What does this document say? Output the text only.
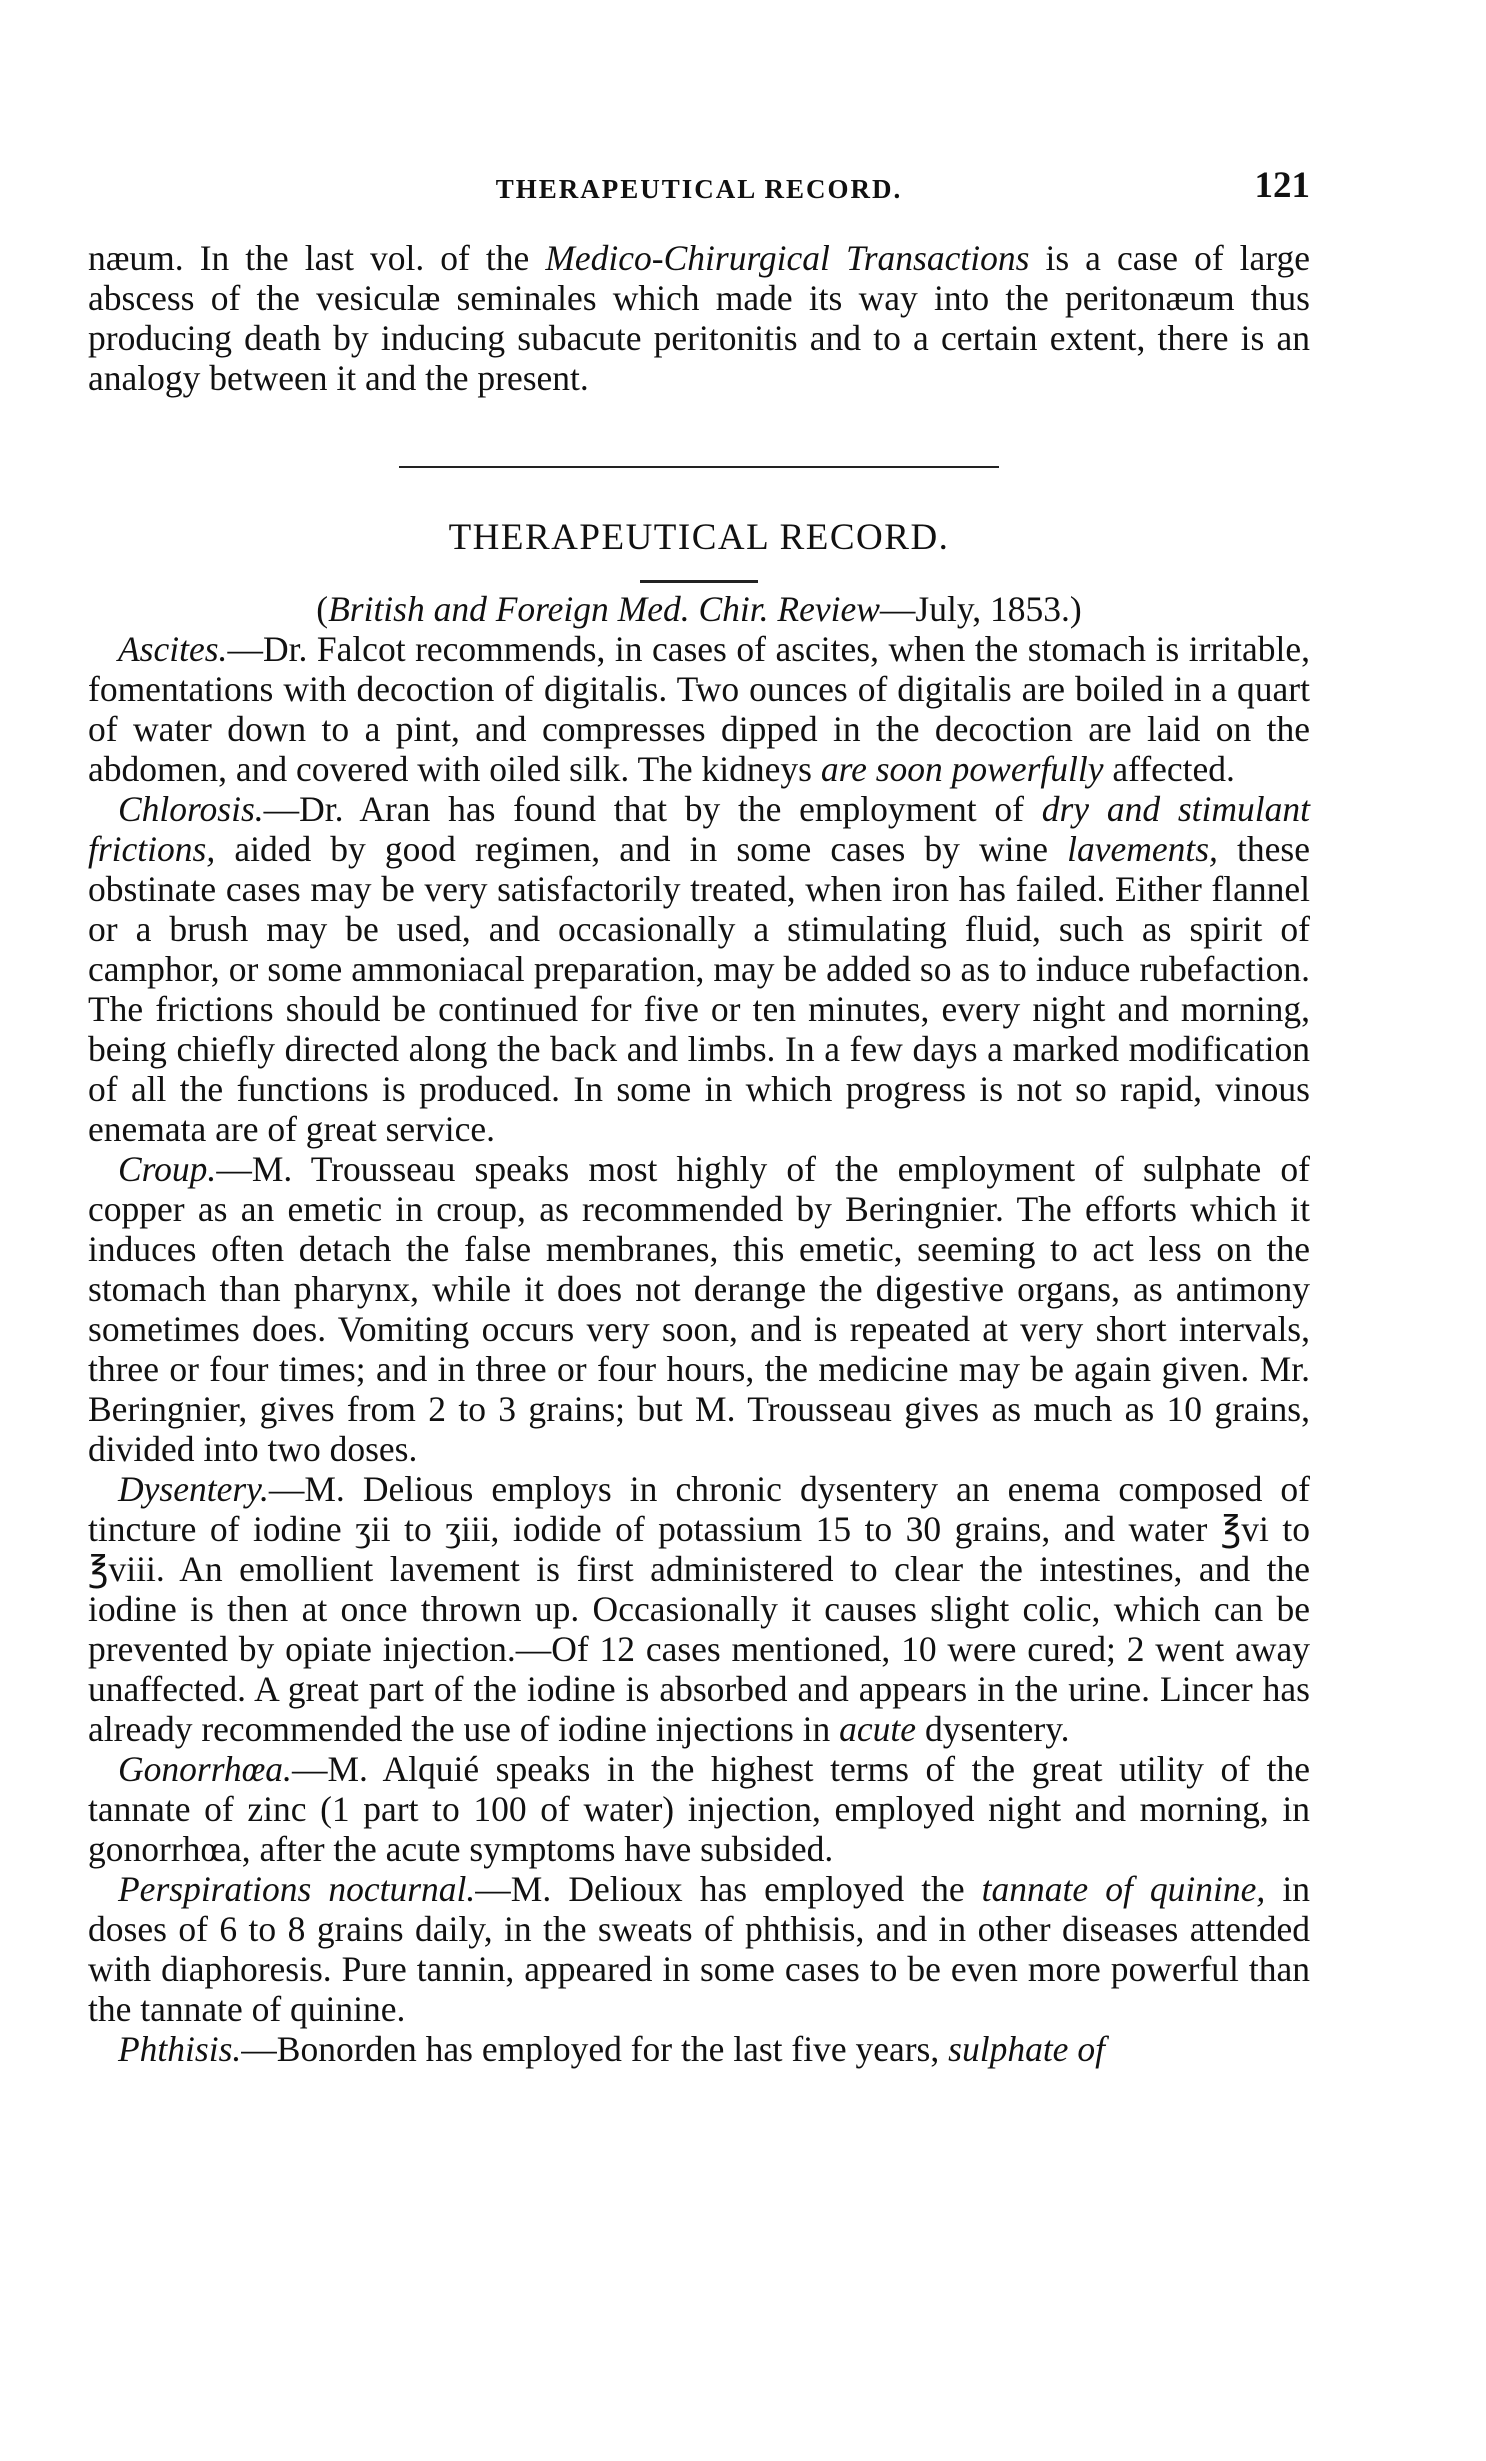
THERAPEUTICAL RECORD.	121

næum. In the last vol. of the Medico-Chirurgical Transactions is a case of large abscess of the vesiculæ seminales which made its way into the peritonæum thus producing death by inducing subacute peritonitis and to a certain extent, there is an analogy between it and the present.

THERAPEUTICAL RECORD.
(British and Foreign Med. Chir. Review—July, 1853.)

Ascites.—Dr. Falcot recommends, in cases of ascites, when the stomach is irritable, fomentations with decoction of digitalis. Two ounces of digitalis are boiled in a quart of water down to a pint, and compresses dipped in the decoction are laid on the abdomen, and covered with oiled silk. The kidneys are soon powerfully affected.

Chlorosis.—Dr. Aran has found that by the employment of dry and stimulant frictions, aided by good regimen, and in some cases by wine lavements, these obstinate cases may be very satisfactorily treated, when iron has failed. Either flannel or a brush may be used, and occasionally a stimulating fluid, such as spirit of camphor, or some ammoniacal preparation, may be added so as to induce rubefaction. The frictions should be continued for five or ten minutes, every night and morning, being chiefly directed along the back and limbs. In a few days a marked modification of all the functions is produced. In some in which progress is not so rapid, vinous enemata are of great service.

Croup.—M. Trousseau speaks most highly of the employment of sulphate of copper as an emetic in croup, as recommended by Beringnier. The efforts which it induces often detach the false membranes, this emetic, seeming to act less on the stomach than pharynx, while it does not derange the digestive organs, as antimony sometimes does. Vomiting occurs very soon, and is repeated at very short intervals, three or four times; and in three or four hours, the medicine may be again given. Mr. Beringnier, gives from 2 to 3 grains; but M. Trousseau gives as much as 10 grains, divided into two doses.

Dysentery.—M. Delious employs in chronic dysentery an enema composed of tincture of iodine ʒii to ʒiii, iodide of potassium 15 to 30 grains, and water ℥vi to ℥viii. An emollient lavement is first administered to clear the intestines, and the iodine is then at once thrown up. Occasionally it causes slight colic, which can be prevented by opiate injection.—Of 12 cases mentioned, 10 were cured; 2 went away unaffected. A great part of the iodine is absorbed and appears in the urine. Lincer has already recommended the use of iodine injections in acute dysentery.

Gonorrhœa.—M. Alquié speaks in the highest terms of the great utility of the tannate of zinc (1 part to 100 of water) injection, employed night and morning, in gonorrhœa, after the acute symptoms have subsided.

Perspirations nocturnal.—M. Delioux has employed the tannate of quinine, in doses of 6 to 8 grains daily, in the sweats of phthisis, and in other diseases attended with diaphoresis. Pure tannin, appeared in some cases to be even more powerful than the tannate of quinine.

Phthisis.—Bonorden has employed for the last five years, sulphate of
